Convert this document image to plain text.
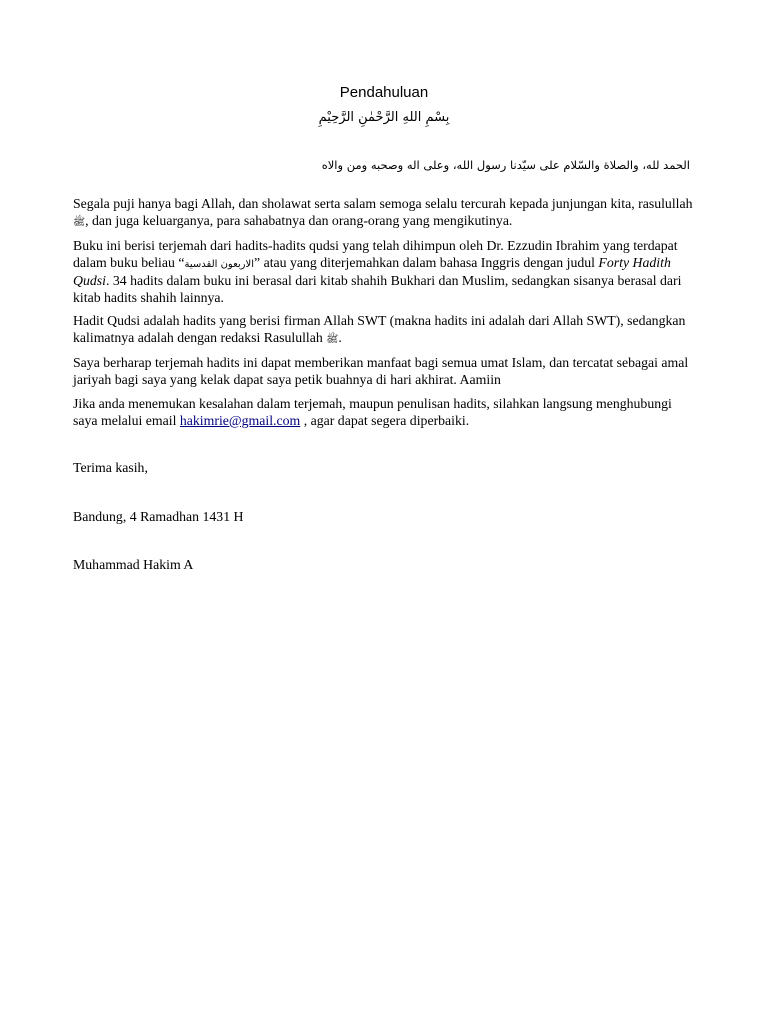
Pendahuluan
بِسْمِ اللهِ الرَّحْمٰنِ الرَّحِيْمِ
الحمد لله، والصلاة والسّلام على سيّدنا رسول الله، وعلى اله وصحبه ومن والاه

Segala puji hanya bagi Allah, dan sholawat serta salam semoga selalu tercurah kepada junjungan kita, rasulullah ﷺ, dan juga keluarganya, para sahabatnya dan orang-orang yang mengikutinya.

Buku ini berisi terjemah dari hadits-hadits qudsi yang telah dihimpun oleh Dr. Ezzudin Ibrahim yang terdapat dalam buku beliau “الاربعون القدسية” atau yang diterjemahkan dalam bahasa Inggris dengan judul Forty Hadith Qudsi. 34 hadits dalam buku ini berasal dari kitab shahih Bukhari dan Muslim, sedangkan sisanya berasal dari kitab hadits shahih lainnya.

Hadit Qudsi adalah hadits yang berisi firman Allah SWT (makna hadits ini adalah dari Allah SWT), sedangkan kalimatnya adalah dengan redaksi Rasulullah ﷺ.

Saya berharap terjemah hadits ini dapat memberikan manfaat bagi semua umat Islam, dan tercatat sebagai amal jariyah bagi saya yang kelak dapat saya petik buahnya di hari akhirat. Aamiin

Jika anda menemukan kesalahan dalam terjemah, maupun penulisan hadits, silahkan langsung menghubungi saya melalui email hakimrie@gmail.com , agar dapat segera diperbaiki.

Terima kasih,

Bandung, 4 Ramadhan 1431 H

Muhammad Hakim A
